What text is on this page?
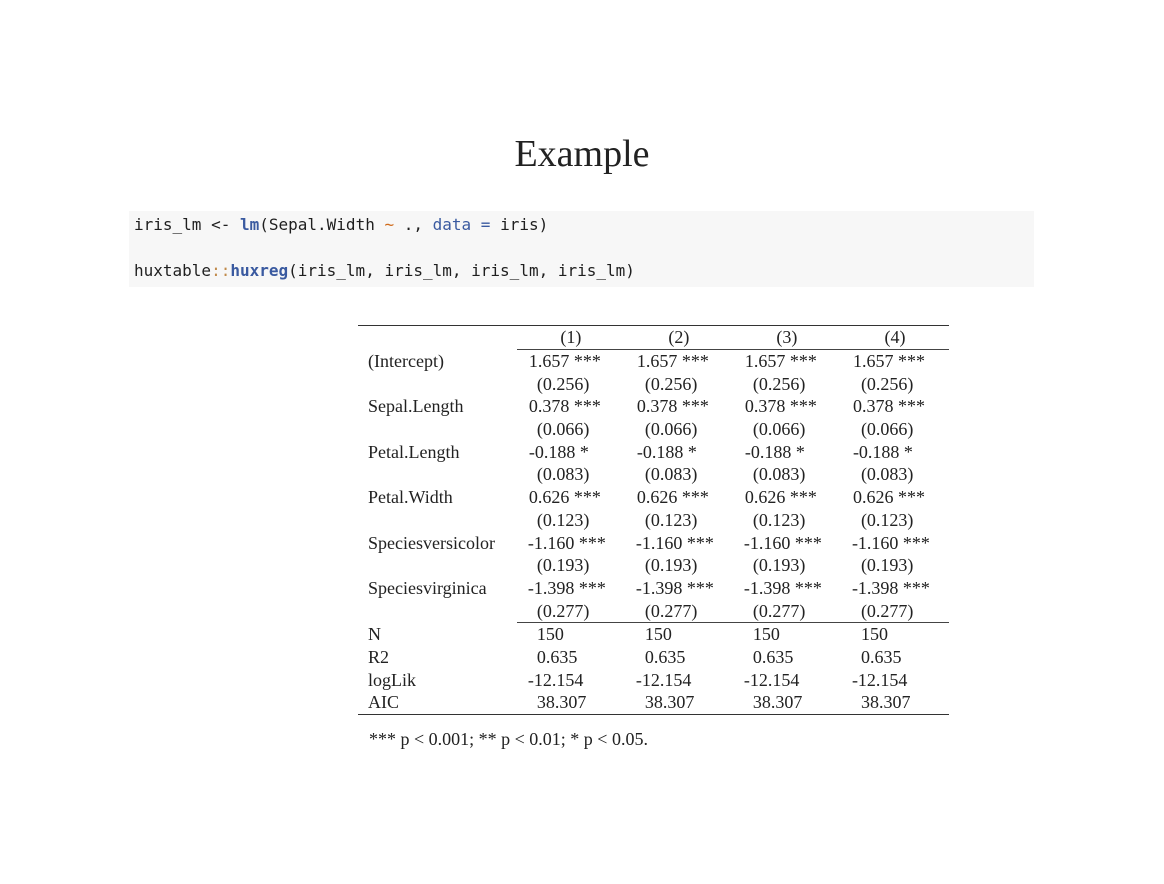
Example
iris_lm <- lm(Sepal.Width ~ ., data = iris)
huxtable::huxreg(iris_lm, iris_lm, iris_lm, iris_lm)
	(1)	(2)	(3)	(4)
(Intercept)	1.657 ***	1.657 ***	1.657 ***	1.657 ***
	(0.256)	(0.256)	(0.256)	(0.256)
Sepal.Length	0.378 ***	0.378 ***	0.378 ***	0.378 ***
	(0.066)	(0.066)	(0.066)	(0.066)
Petal.Length	-0.188 *	-0.188 *	-0.188 *	-0.188 *
	(0.083)	(0.083)	(0.083)	(0.083)
Petal.Width	0.626 ***	0.626 ***	0.626 ***	0.626 ***
	(0.123)	(0.123)	(0.123)	(0.123)
Speciesversicolor	-1.160 ***	-1.160 ***	-1.160 ***	-1.160 ***
	(0.193)	(0.193)	(0.193)	(0.193)
Speciesvirginica	-1.398 ***	-1.398 ***	-1.398 ***	-1.398 ***
	(0.277)	(0.277)	(0.277)	(0.277)
N	150	150	150	150
R2	0.635	0.635	0.635	0.635
logLik	-12.154	-12.154	-12.154	-12.154
AIC	38.307	38.307	38.307	38.307
*** p < 0.001; ** p < 0.01; * p < 0.05.
